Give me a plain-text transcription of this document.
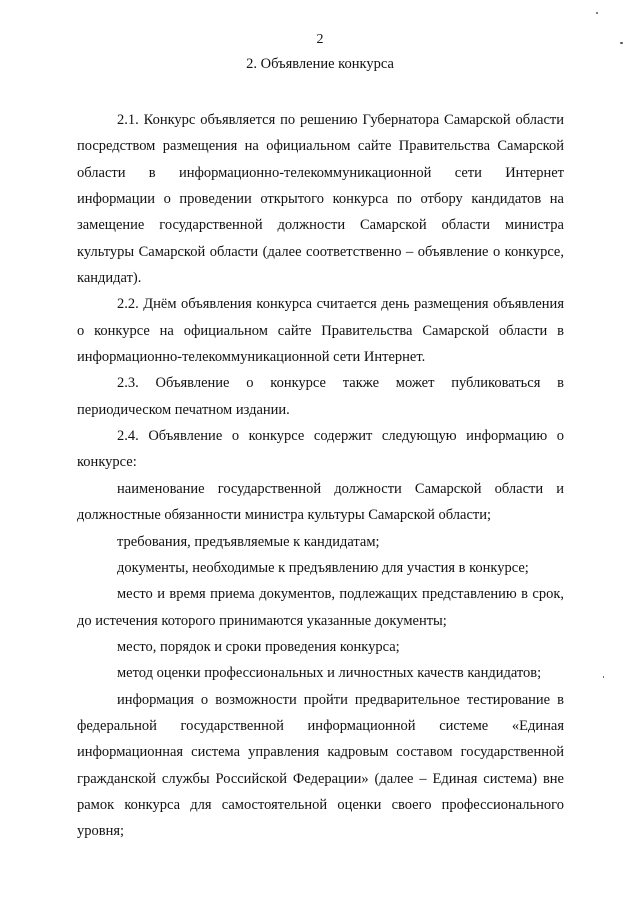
2
2. Объявление конкурса

2.1. Конкурс объявляется по решению Губернатора Самарской области посредством размещения на официальном сайте Правительства Самарской области в информационно-телекоммуникационной сети Интернет информации о проведении открытого конкурса по отбору кандидатов на замещение государственной должности Самарской области министра культуры Самарской области (далее соответственно – объявление о конкурсе, кандидат).

2.2. Днём объявления конкурса считается день размещения объявления о конкурсе на официальном сайте Правительства Самарской области в информационно-телекоммуникационной сети Интернет.

2.3. Объявление о конкурсе также может публиковаться в периодическом печатном издании.

2.4. Объявление о конкурсе содержит следующую информацию о конкурсе:

наименование государственной должности Самарской области и должностные обязанности министра культуры Самарской области;

требования, предъявляемые к кандидатам;

документы, необходимые к предъявлению для участия в конкурсе;

место и время приема документов, подлежащих представлению в срок, до истечения которого принимаются указанные документы;

место, порядок и сроки проведения конкурса;

метод оценки профессиональных и личностных качеств кандидатов;

информация о возможности пройти предварительное тестирование в федеральной государственной информационной системе «Единая информационная система управления кадровым составом государственной гражданской службы Российской Федерации» (далее – Единая система) вне рамок конкурса для самостоятельной оценки своего профессионального уровня;
